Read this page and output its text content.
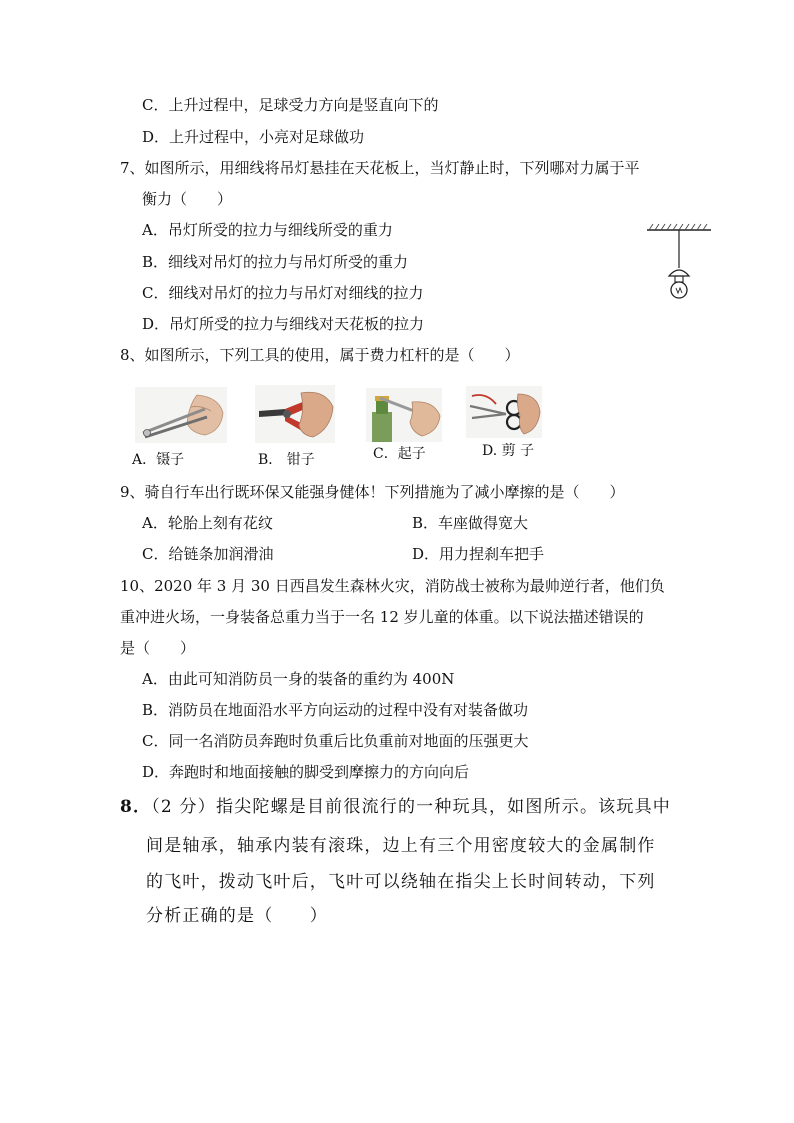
C．上升过程中，足球受力方向是竖直向下的
D．上升过程中，小亮对足球做功
7、如图所示，用细线将吊灯悬挂在天花板上，当灯静止时，下列哪对力属于平
衡力（　　）
A．吊灯所受的拉力与细线所受的重力
B．细线对吊灯的拉力与吊灯所受的重力
C．细线对吊灯的拉力与吊灯对细线的拉力
D．吊灯所受的拉力与细线对天花板的拉力
8、如图所示，下列工具的使用，属于费力杠杆的是（　　）
A．镊子	B． 钳子	C．起子	D. 剪 子
9、骑自行车出行既环保又能强身健体！下列措施为了减小摩擦的是（　　）
A．轮胎上刻有花纹	B．车座做得宽大
C．给链条加润滑油	D．用力捏刹车把手
10、2020 年 3 月 30 日西昌发生森林火灾，消防战士被称为最帅逆行者，他们负
重冲进火场，一身装备总重力当于一名 12 岁儿童的体重。以下说法描述错误的
是（　　）
A．由此可知消防员一身的装备的重约为 400N
B．消防员在地面沿水平方向运动的过程中没有对装备做功
C．同一名消防员奔跑时负重后比负重前对地面的压强更大
D．奔跑时和地面接触的脚受到摩擦力的方向向后
8．（2 分）指尖陀螺是目前很流行的一种玩具，如图所示。该玩具中
间是轴承，轴承内装有滚珠，边上有三个用密度较大的金属制作
的飞叶，拨动飞叶后，飞叶可以绕轴在指尖上长时间转动，下列
分析正确的是（　　）
